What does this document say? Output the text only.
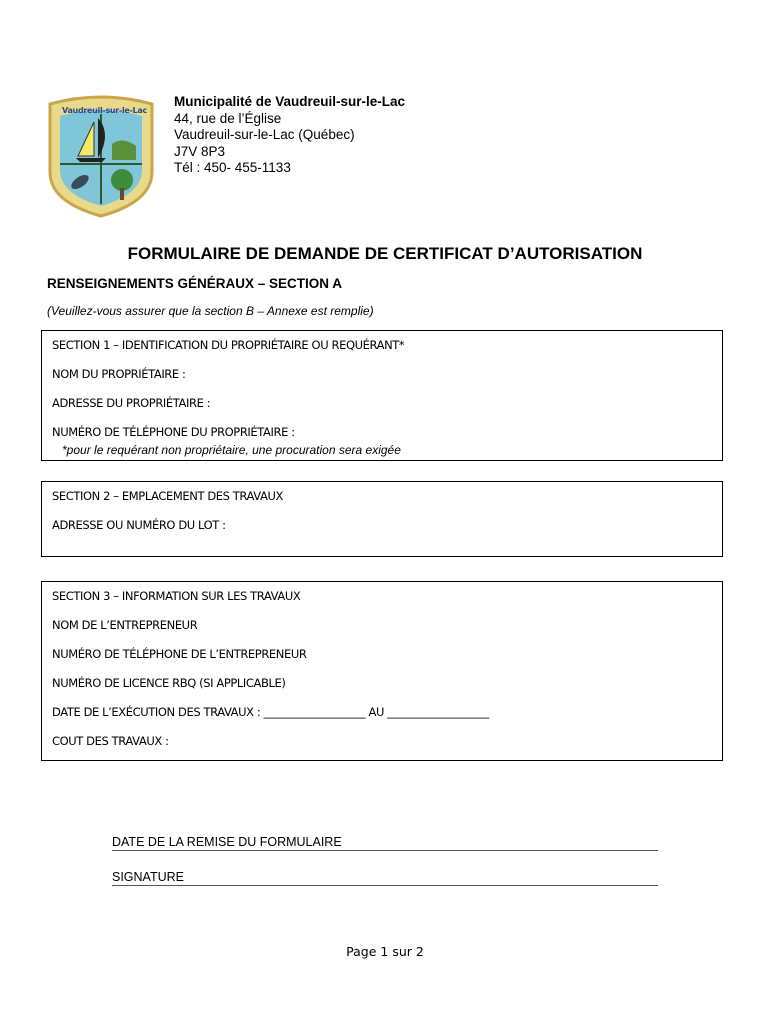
Vaudreuil-sur-le-Lac
Municipalité de Vaudreuil-sur-le-Lac
44, rue de l’Église
Vaudreuil-sur-le-Lac (Québec)
J7V 8P3
Tél : 450- 455-1133
FORMULAIRE DE DEMANDE DE CERTIFICAT D’AUTORISATION
RENSEIGNEMENTS GÉNÉRAUX – SECTION A
(Veuillez-vous assurer que la section B – Annexe est remplie)
SECTION 1 – IDENTIFICATION DU PROPRIÉTAIRE OU REQUÉRANT*
NOM DU PROPRIÉTAIRE :
ADRESSE DU PROPRIÉTAIRE :
NUMÉRO DE TÉLÉPHONE DU PROPRIÉTAIRE :
*pour le requérant non propriétaire, une procuration sera exigée
SECTION 2 – EMPLACEMENT DES TRAVAUX
ADRESSE OU NUMÉRO DU LOT :
SECTION 3 – INFORMATION SUR LES TRAVAUX
NOM DE L’ENTREPRENEUR
NUMÉRO DE TÉLÉPHONE DE L’ENTREPRENEUR
NUMÉRO DE LICENCE RBQ (SI APPLICABLE)
DATE DE L’EXÉCUTION DES TRAVAUX : ___________________ AU ___________________
COUT DES TRAVAUX :
DATE DE LA REMISE DU FORMULAIRE
SIGNATURE
Page 1 sur 2
